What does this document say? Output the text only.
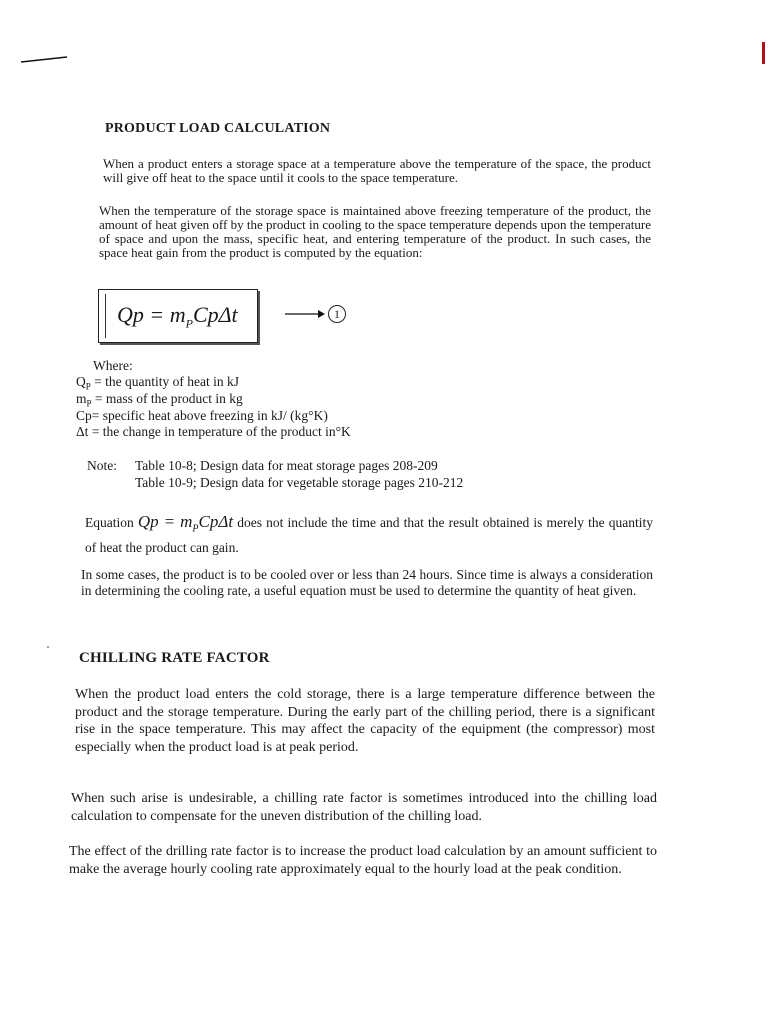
PRODUCT LOAD CALCULATION

When a product enters a storage space at a temperature above the temperature of the space, the product will give off heat to the space until it cools to the space temperature.

When the temperature of the storage space is maintained above freezing temperature of the product, the amount of heat given off by the product in cooling to the space temperature depends upon the temperature of space and upon the mass, specific heat, and entering temperature of the product. In such cases, the space heat gain from the product is computed by the equation:

$Qp = m_PCp\Delta t$	1

Where:

$Q_P$ = the quantity of heat in kJ

$m_P$ = mass of the product in kg

Cp= specific heat above freezing in kJ/ (kg°K)

Δt = the change in temperature of the product in°K

Note: Table 10-8; Design data for meat storage pages 208-209

Table 10-9; Design data for vegetable storage pages 210-212

Equation $Qp = m_PCp\Delta t$ does not include the time and that the result obtained is merely the quantity of heat the product can gain.

In some cases, the product is to be cooled over or less than 24 hours. Since time is always a consideration in determining the cooling rate, a useful equation must be used to determine the quantity of heat given.

CHILLING RATE FACTOR

When the product load enters the cold storage, there is a large temperature difference between the product and the storage temperature. During the early part of the chilling period, there is a significant rise in the space temperature. This may affect the capacity of the equipment (the compressor) most especially when the product load is at peak period.

When such arise is undesirable, a chilling rate factor is sometimes introduced into the chilling load calculation to compensate for the uneven distribution of the chilling load.

The effect of the drilling rate factor is to increase the product load calculation by an amount sufficient to make the average hourly cooling rate approximately equal to the hourly load at the peak condition.
